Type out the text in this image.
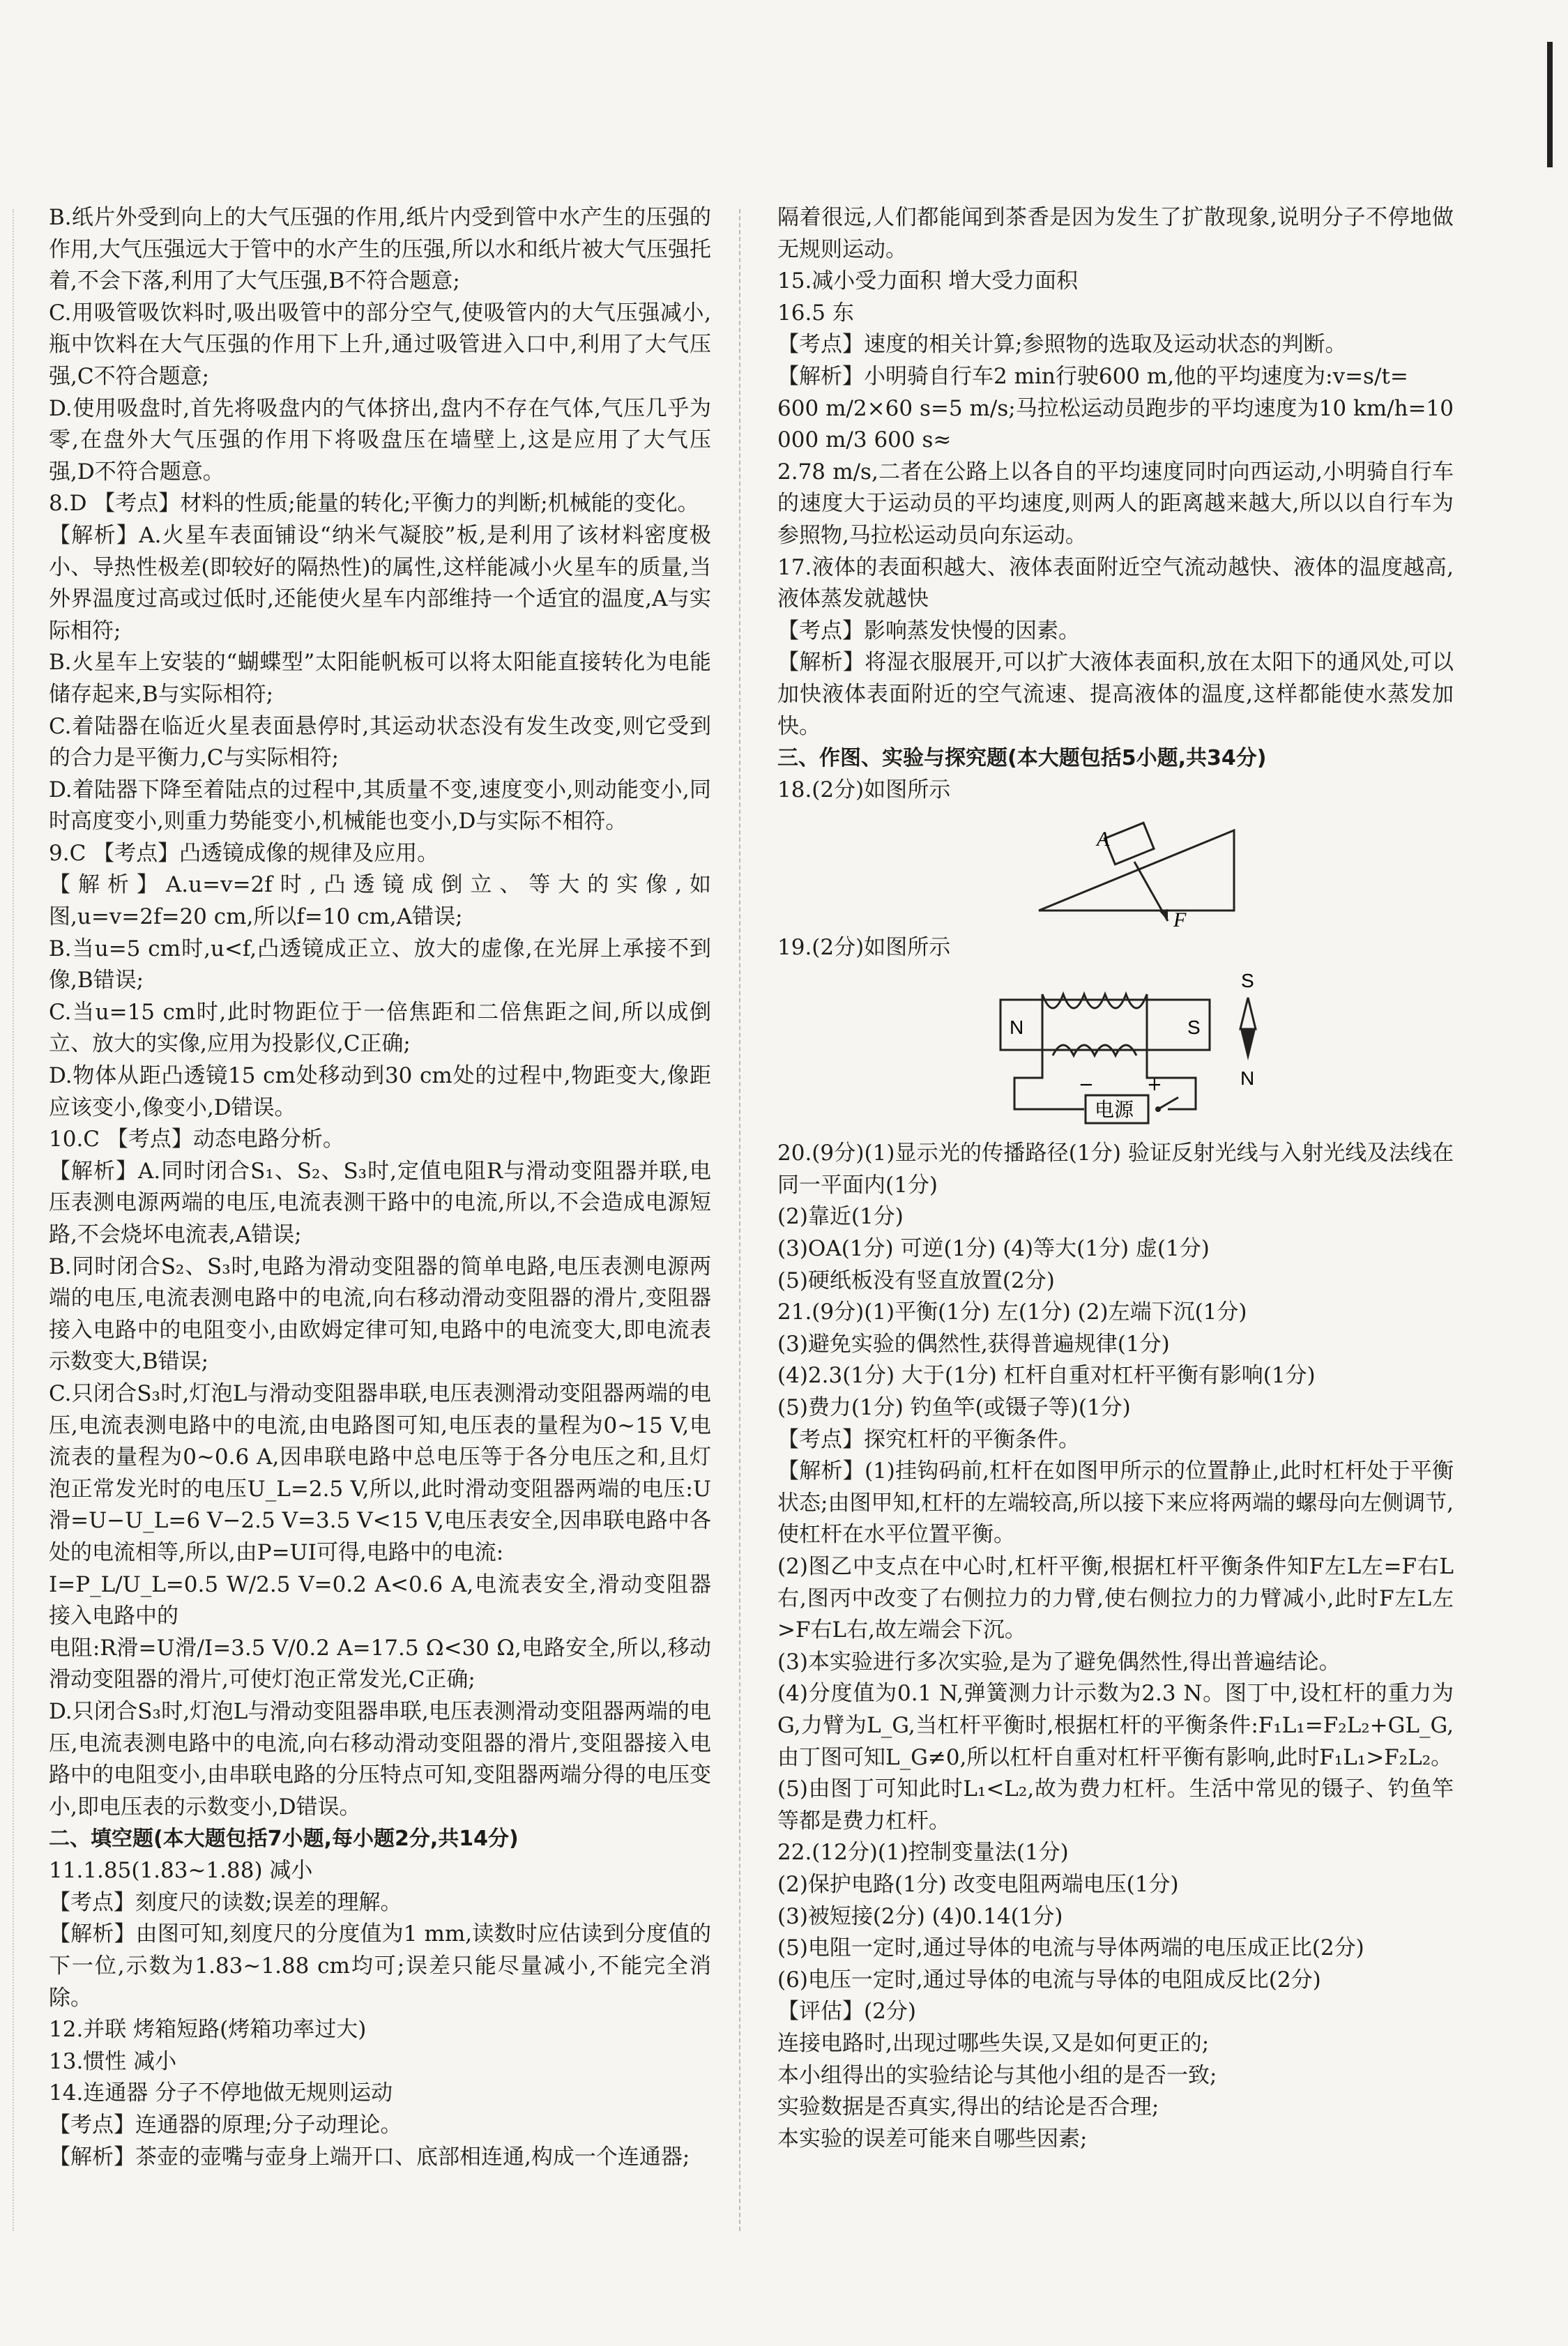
B.纸片外受到向上的大气压强的作用,纸片内受到管中水产生的压强的作用,大气压强远大于管中的水产生的压强,所以水和纸片被大气压强托着,不会下落,利用了大气压强,B不符合题意;

C.用吸管吸饮料时,吸出吸管中的部分空气,使吸管内的大气压强减小,瓶中饮料在大气压强的作用下上升,通过吸管进入口中,利用了大气压强,C不符合题意;

D.使用吸盘时,首先将吸盘内的气体挤出,盘内不存在气体,气压几乎为零,在盘外大气压强的作用下将吸盘压在墙壁上,这是应用了大气压强,D不符合题意。

8.D 【考点】材料的性质;能量的转化;平衡力的判断;机械能的变化。

【解析】A.火星车表面铺设“纳米气凝胶”板,是利用了该材料密度极小、导热性极差(即较好的隔热性)的属性,这样能减小火星车的质量,当外界温度过高或过低时,还能使火星车内部维持一个适宜的温度,A与实际相符;

B.火星车上安装的“蝴蝶型”太阳能帆板可以将太阳能直接转化为电能储存起来,B与实际相符;

C.着陆器在临近火星表面悬停时,其运动状态没有发生改变,则它受到的合力是平衡力,C与实际相符;

D.着陆器下降至着陆点的过程中,其质量不变,速度变小,则动能变小,同时高度变小,则重力势能变小,机械能也变小,D与实际不相符。

9.C 【考点】凸透镜成像的规律及应用。

【解析】A.u=v=2f时,凸透镜成倒立、等大的实像,如图,u=v=2f=20 cm,所以f=10 cm,A错误;

B.当u=5 cm时,u<f,凸透镜成正立、放大的虚像,在光屏上承接不到像,B错误;

C.当u=15 cm时,此时物距位于一倍焦距和二倍焦距之间,所以成倒立、放大的实像,应用为投影仪,C正确;

D.物体从距凸透镜15 cm处移动到30 cm处的过程中,物距变大,像距应该变小,像变小,D错误。

10.C 【考点】动态电路分析。

【解析】A.同时闭合S₁、S₂、S₃时,定值电阻R与滑动变阻器并联,电压表测电源两端的电压,电流表测干路中的电流,所以,不会造成电源短路,不会烧坏电流表,A错误;

B.同时闭合S₂、S₃时,电路为滑动变阻器的简单电路,电压表测电源两端的电压,电流表测电路中的电流,向右移动滑动变阻器的滑片,变阻器接入电路中的电阻变小,由欧姆定律可知,电路中的电流变大,即电流表示数变大,B错误;

C.只闭合S₃时,灯泡L与滑动变阻器串联,电压表测滑动变阻器两端的电压,电流表测电路中的电流,由电路图可知,电压表的量程为0~15 V,电流表的量程为0~0.6 A,因串联电路中总电压等于各分电压之和,且灯泡正常发光时的电压U_L=2.5 V,所以,此时滑动变阻器两端的电压:U滑=U−U_L=6 V−2.5 V=3.5 V<15 V,电压表安全,因串联电路中各处的电流相等,所以,由P=UI可得,电路中的电流:

I=P_L/U_L=0.5 W/2.5 V=0.2 A<0.6 A,电流表安全,滑动变阻器接入电路中的

电阻:R滑=U滑/I=3.5 V/0.2 A=17.5 Ω<30 Ω,电路安全,所以,移动滑动变阻器的滑片,可使灯泡正常发光,C正确;

D.只闭合S₃时,灯泡L与滑动变阻器串联,电压表测滑动变阻器两端的电压,电流表测电路中的电流,向右移动滑动变阻器的滑片,变阻器接入电路中的电阻变小,由串联电路的分压特点可知,变阻器两端分得的电压变小,即电压表的示数变小,D错误。

二、填空题(本大题包括7小题,每小题2分,共14分)

11.1.85(1.83~1.88) 减小

【考点】刻度尺的读数;误差的理解。

【解析】由图可知,刻度尺的分度值为1 mm,读数时应估读到分度值的下一位,示数为1.83~1.88 cm均可;误差只能尽量减小,不能完全消除。

12.并联 烤箱短路(烤箱功率过大)

13.惯性 减小

14.连通器 分子不停地做无规则运动

【考点】连通器的原理;分子动理论。

【解析】茶壶的壶嘴与壶身上端开口、底部相连通,构成一个连通器;

隔着很远,人们都能闻到茶香是因为发生了扩散现象,说明分子不停地做无规则运动。

15.减小受力面积 增大受力面积

16.5 东

【考点】速度的相关计算;参照物的选取及运动状态的判断。

【解析】小明骑自行车2 min行驶600 m,他的平均速度为:v=s/t=

600 m/2×60 s=5 m/s;马拉松运动员跑步的平均速度为10 km/h=10 000 m/3 600 s≈

2.78 m/s,二者在公路上以各自的平均速度同时向西运动,小明骑自行车的速度大于运动员的平均速度,则两人的距离越来越大,所以以自行车为参照物,马拉松运动员向东运动。

17.液体的表面积越大、液体表面附近空气流动越快、液体的温度越高,液体蒸发就越快

【考点】影响蒸发快慢的因素。

【解析】将湿衣服展开,可以扩大液体表面积,放在太阳下的通风处,可以加快液体表面附近的空气流速、提高液体的温度,这样都能使水蒸发加快。

三、作图、实验与探究题(本大题包括5小题,共34分)

18.(2分)如图所示

A
F

19.(2分)如图所示

N	S
电源
−	+
S
N

20.(9分)(1)显示光的传播路径(1分) 验证反射光线与入射光线及法线在同一平面内(1分)

(2)靠近(1分)

(3)OA(1分) 可逆(1分) (4)等大(1分) 虚(1分)

(5)硬纸板没有竖直放置(2分)

21.(9分)(1)平衡(1分) 左(1分) (2)左端下沉(1分)

(3)避免实验的偶然性,获得普遍规律(1分)

(4)2.3(1分) 大于(1分) 杠杆自重对杠杆平衡有影响(1分)

(5)费力(1分) 钓鱼竿(或镊子等)(1分)

【考点】探究杠杆的平衡条件。

【解析】(1)挂钩码前,杠杆在如图甲所示的位置静止,此时杠杆处于平衡状态;由图甲知,杠杆的左端较高,所以接下来应将两端的螺母向左侧调节,使杠杆在水平位置平衡。

(2)图乙中支点在中心时,杠杆平衡,根据杠杆平衡条件知F左L左=F右L右,图丙中改变了右侧拉力的力臂,使右侧拉力的力臂减小,此时F左L左>F右L右,故左端会下沉。

(3)本实验进行多次实验,是为了避免偶然性,得出普遍结论。

(4)分度值为0.1 N,弹簧测力计示数为2.3 N。图丁中,设杠杆的重力为G,力臂为L_G,当杠杆平衡时,根据杠杆的平衡条件:F₁L₁=F₂L₂+GL_G,由丁图可知L_G≠0,所以杠杆自重对杠杆平衡有影响,此时F₁L₁>F₂L₂。

(5)由图丁可知此时L₁<L₂,故为费力杠杆。生活中常见的镊子、钓鱼竿等都是费力杠杆。

22.(12分)(1)控制变量法(1分)

(2)保护电路(1分) 改变电阻两端电压(1分)

(3)被短接(2分) (4)0.14(1分)

(5)电阻一定时,通过导体的电流与导体两端的电压成正比(2分)

(6)电压一定时,通过导体的电流与导体的电阻成反比(2分)

【评估】(2分)

连接电路时,出现过哪些失误,又是如何更正的;

本小组得出的实验结论与其他小组的是否一致;

实验数据是否真实,得出的结论是否合理;

本实验的误差可能来自哪些因素;
